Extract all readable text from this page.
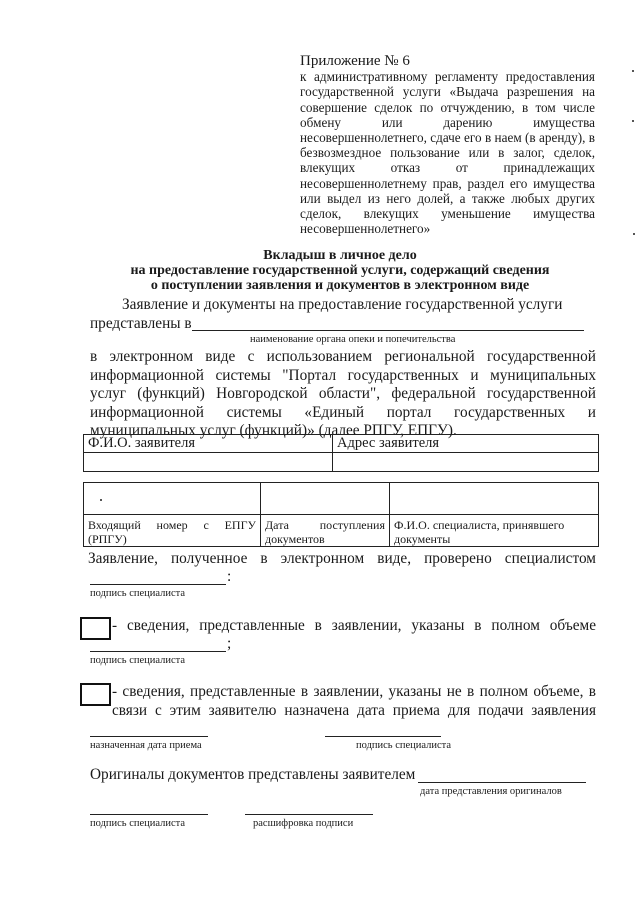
Приложение № 6
к административному регламенту предоставления государственной услуги «Выдача разрешения на совершение сделок по отчуждению, в том числе обмену или дарению имущества несовершеннолетнего, сдаче его в наем (в аренду), в безвозмездное пользование или в залог, сделок, влекущих отказ от принадлежащих несовершеннолетнему прав, раздел его имущества или выдел из него долей, а также любых других сделок, влекущих уменьшение имущества несовершеннолетнего»
Вкладыш в личное дело
на предоставление государственной услуги, содержащий сведения
о поступлении заявления и документов в электронном виде
Заявление и документы на предоставление государственной услуги
представлены в
наименование органа опеки и попечительства
в электронном виде с использованием региональной государственной информационной системы "Портал государственных и муниципальных услуг (функций) Новгородской области", федеральной государственной информационной системы «Единый портал государственных и муниципальных услуг (функций)» (далее РПГУ, ЕПГУ).
Ф.И.О. заявителя	Адрес заявителя

Входящий номер с ЕПГУ (РПГУ)	Дата поступления документов	Ф.И.О. специалиста, принявшего документы
Заявление, полученное в электронном виде, проверено специалистом
:
подпись специалиста
- сведения, представленные в заявлении, указаны в полном объеме
;
подпись специалиста
- сведения, представленные в заявлении, указаны не в полном объеме, в связи с этим заявителю назначена дата приема для подачи заявления
назначенная дата приема	подпись специалиста
Оригиналы документов представлены заявителем
дата представления оригиналов
подпись специалиста	расшифровка подписи
